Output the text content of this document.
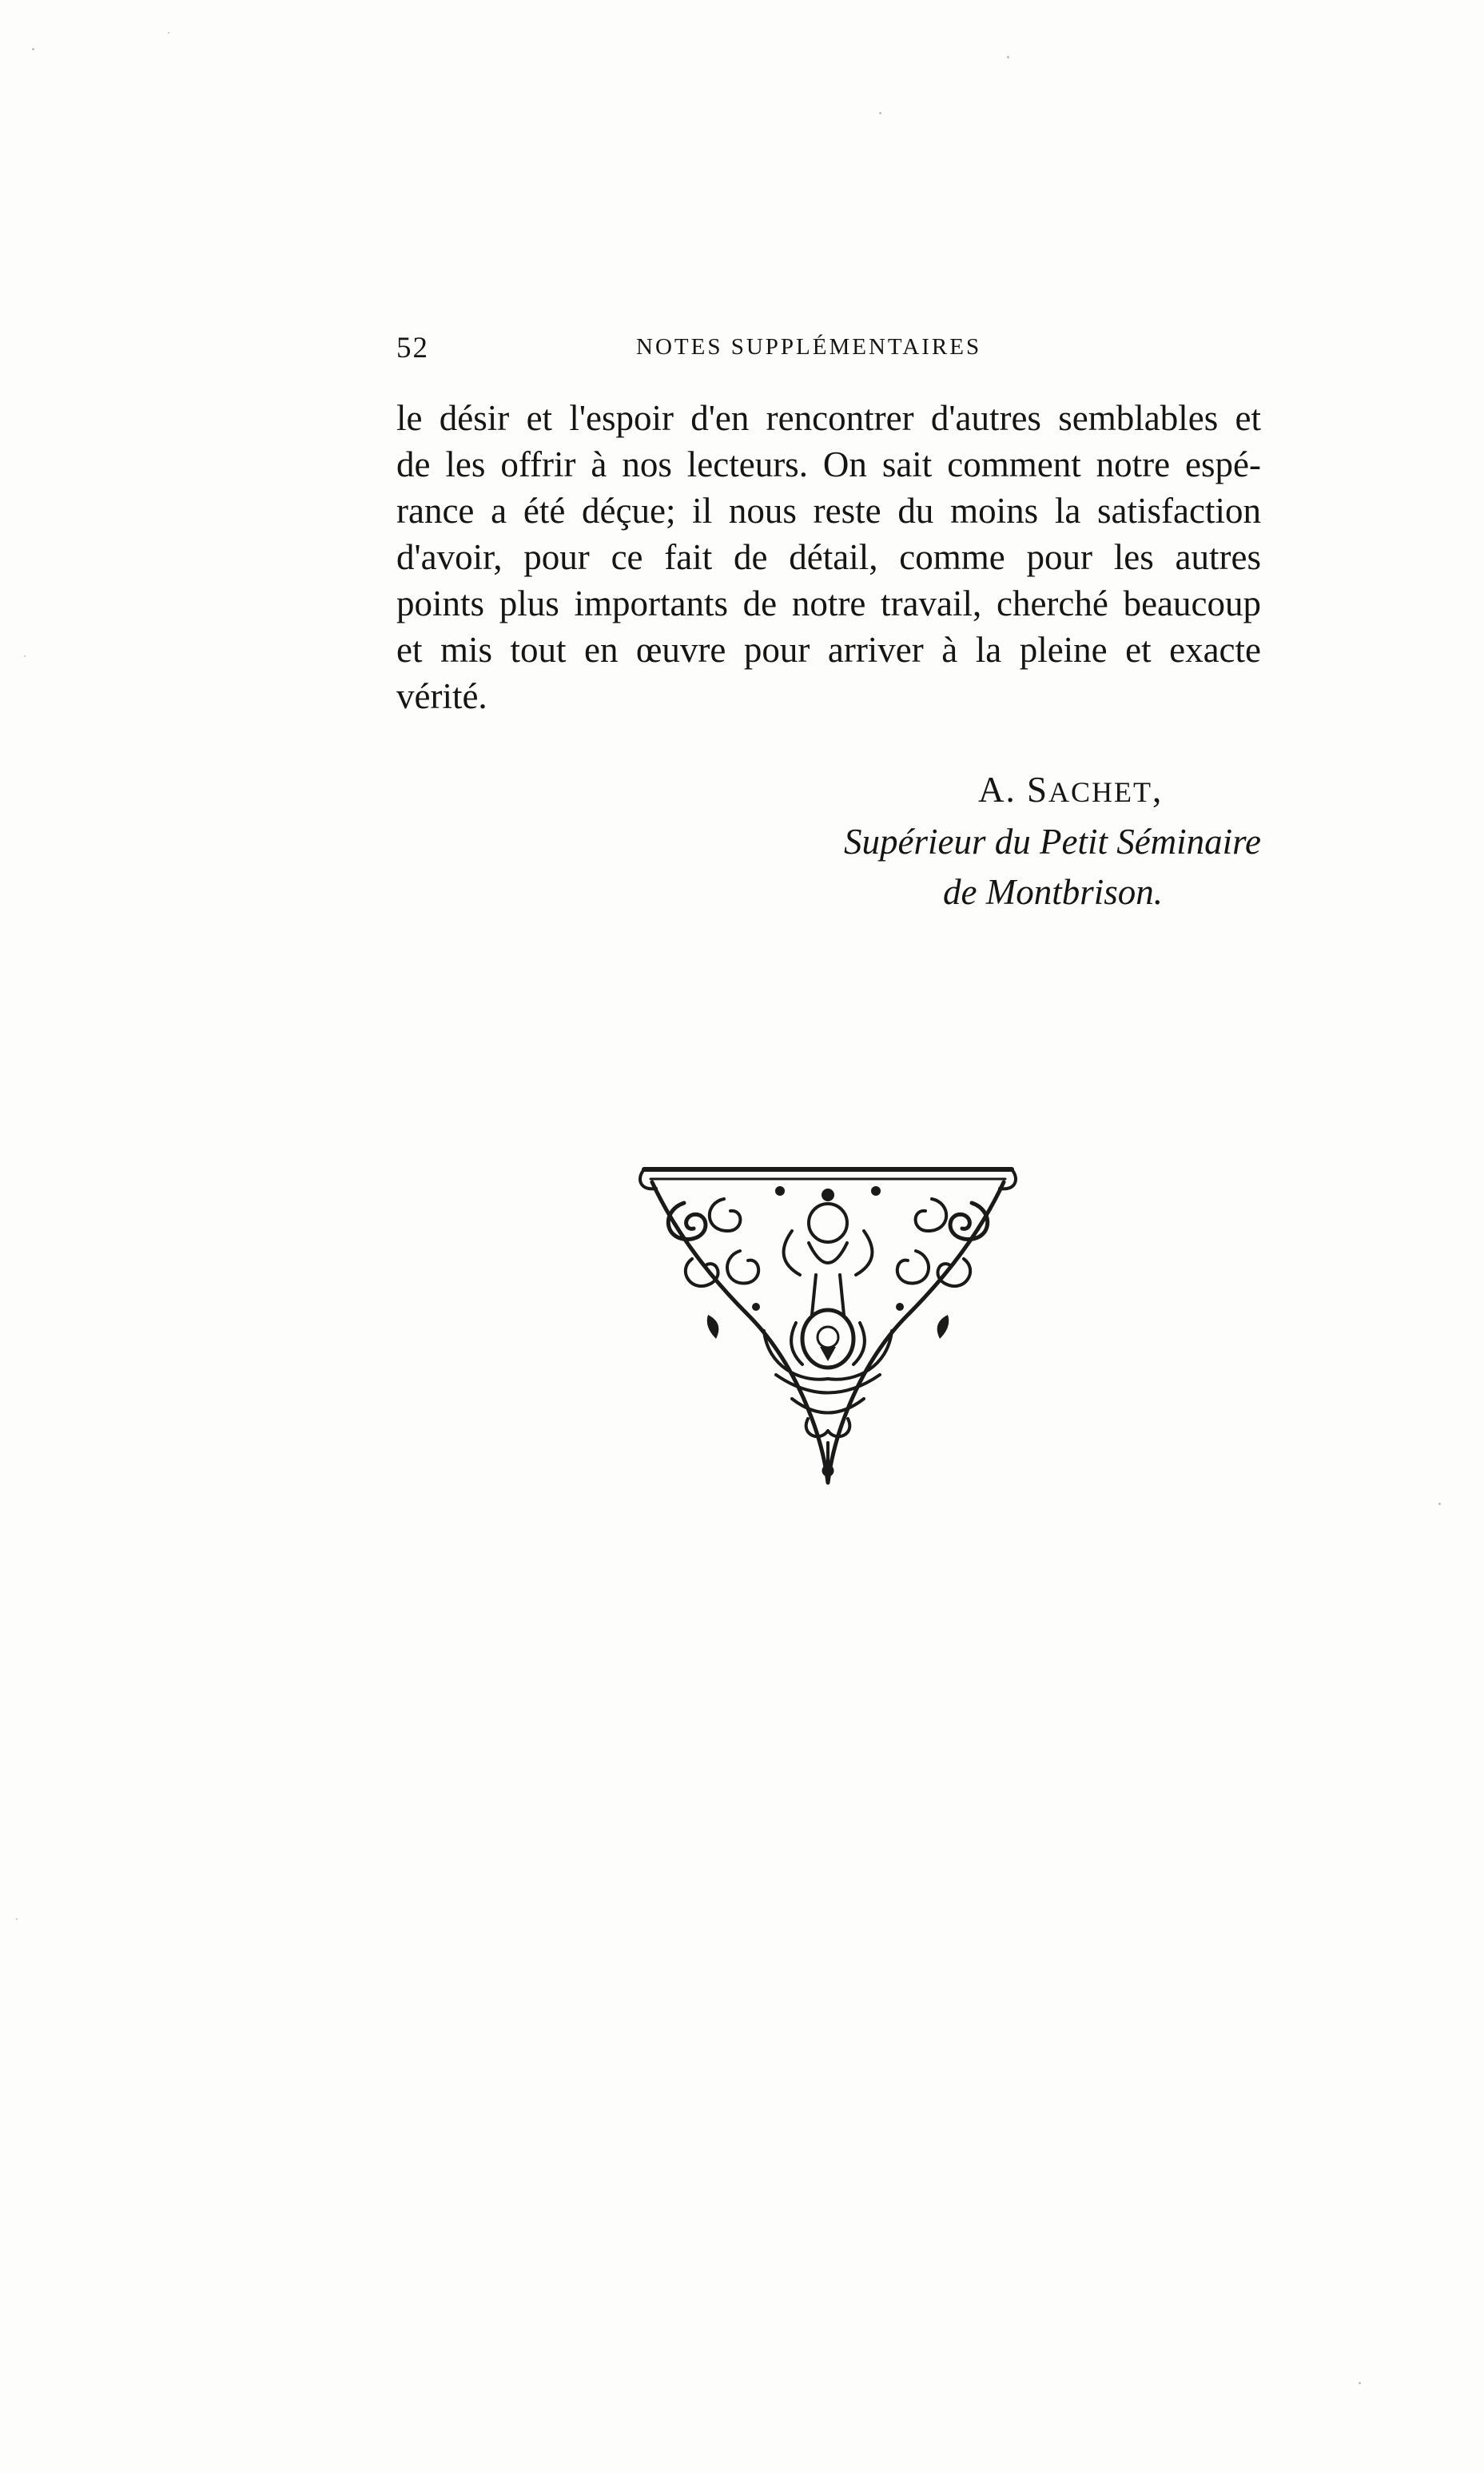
52	NOTES SUPPLÉMENTAIRES
le désir et l'espoir d'en rencontrer d'autres semblables et
de les offrir à nos lecteurs. On sait comment notre espé-
rance a été déçue; il nous reste du moins la satisfaction
d'avoir, pour ce fait de détail, comme pour les autres
points plus importants de notre travail, cherché beaucoup
et mis tout en œuvre pour arriver à la pleine et exacte
vérité.
A. SACHET,
Supérieur du Petit Séminaire
de Montbrison.
